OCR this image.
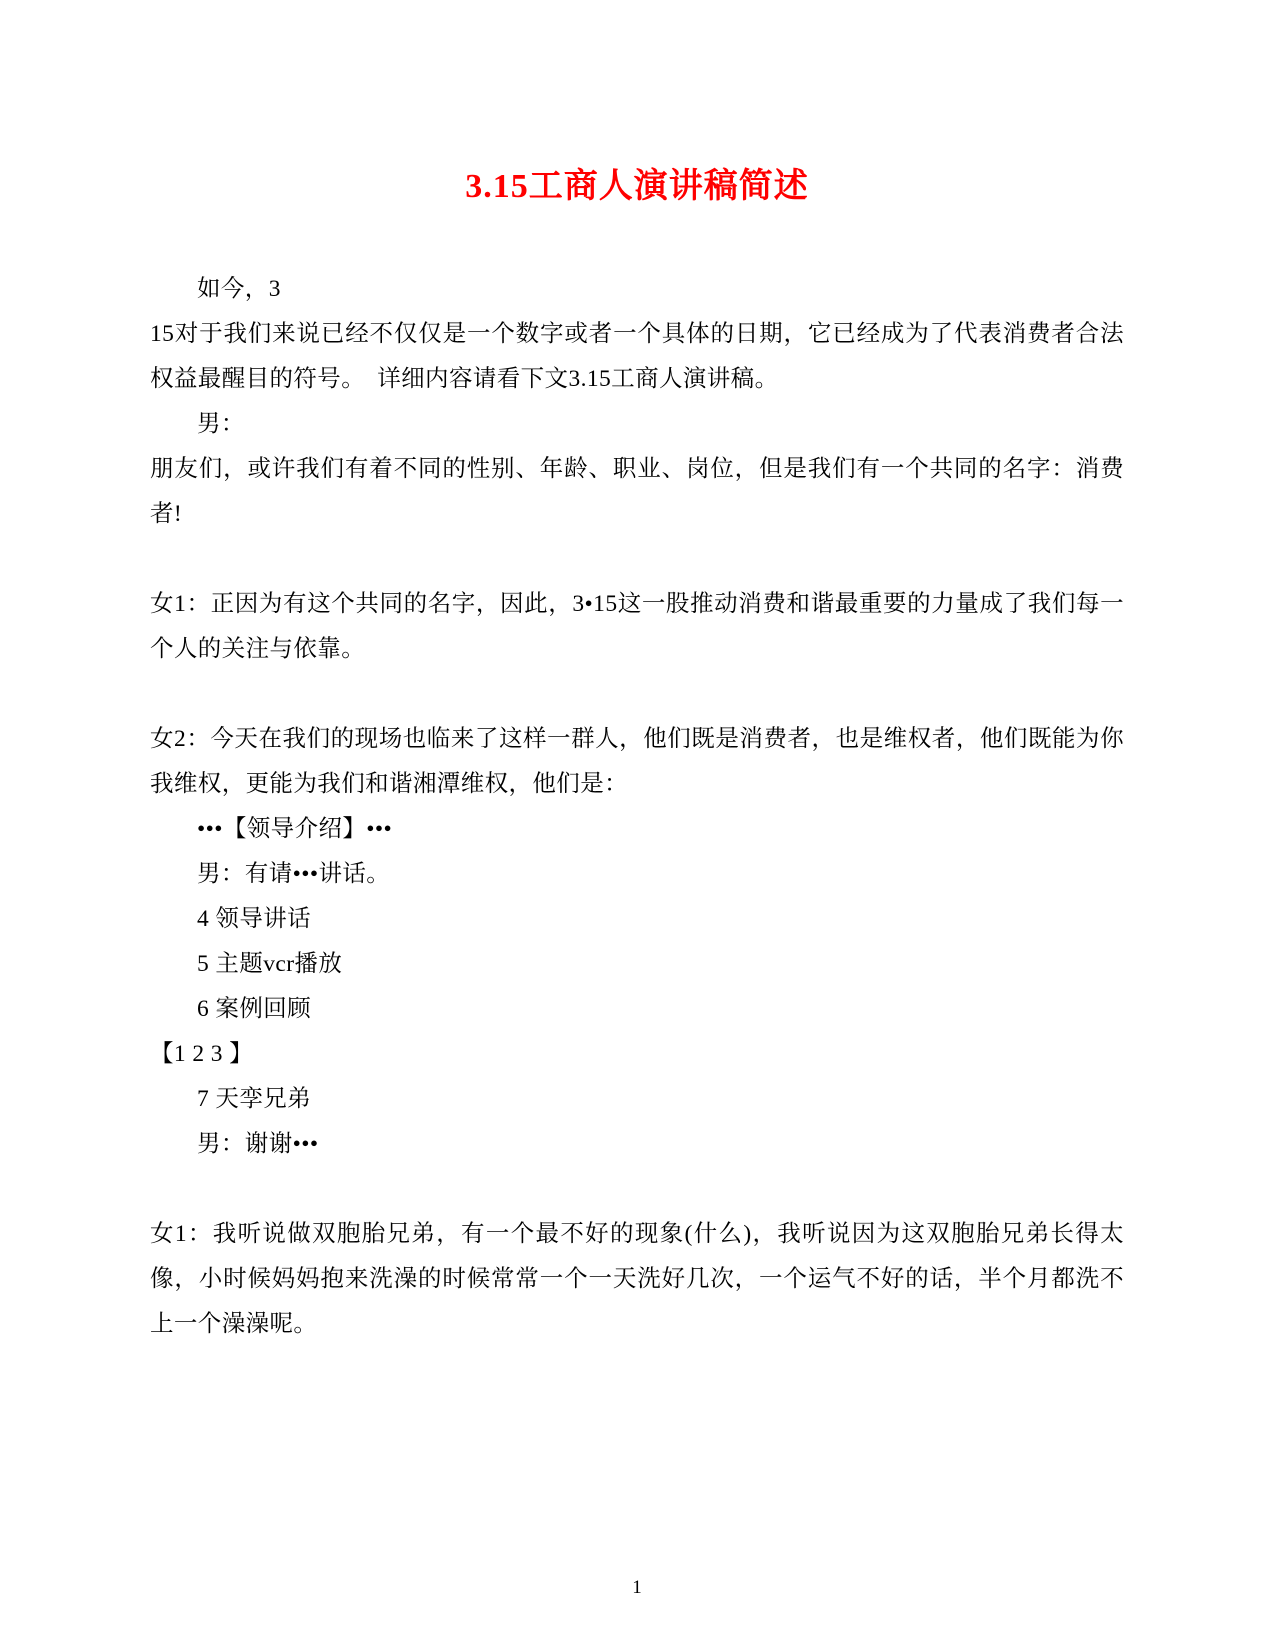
3.15工商人演讲稿简述

如今，3

15对于我们来说已经不仅仅是一个数字或者一个具体的日期，它已经成为了代表消费者合法权益最醒目的符号。　详细内容请看下文3.15工商人演讲稿。

男：

朋友们，或许我们有着不同的性别、年龄、职业、岗位，但是我们有一个共同的名字：消费者!

女1：正因为有这个共同的名字，因此，3•15这一股推动消费和谐最重要的力量成了我们每一个人的关注与依靠。

女2：今天在我们的现场也临来了这样一群人，他们既是消费者，也是维权者，他们既能为你我维权，更能为我们和谐湘潭维权，他们是：

•••【领导介绍】•••

男：有请•••讲话。

4 领导讲话

5 主题vcr播放

6 案例回顾

【1 2 3 】

7 天孪兄弟

男：谢谢•••

女1：我听说做双胞胎兄弟，有一个最不好的现象(什么)，我听说因为这双胞胎兄弟长得太像，小时候妈妈抱来洗澡的时候常常一个一天洗好几次，一个运气不好的话，半个月都洗不上一个澡澡呢。

1
